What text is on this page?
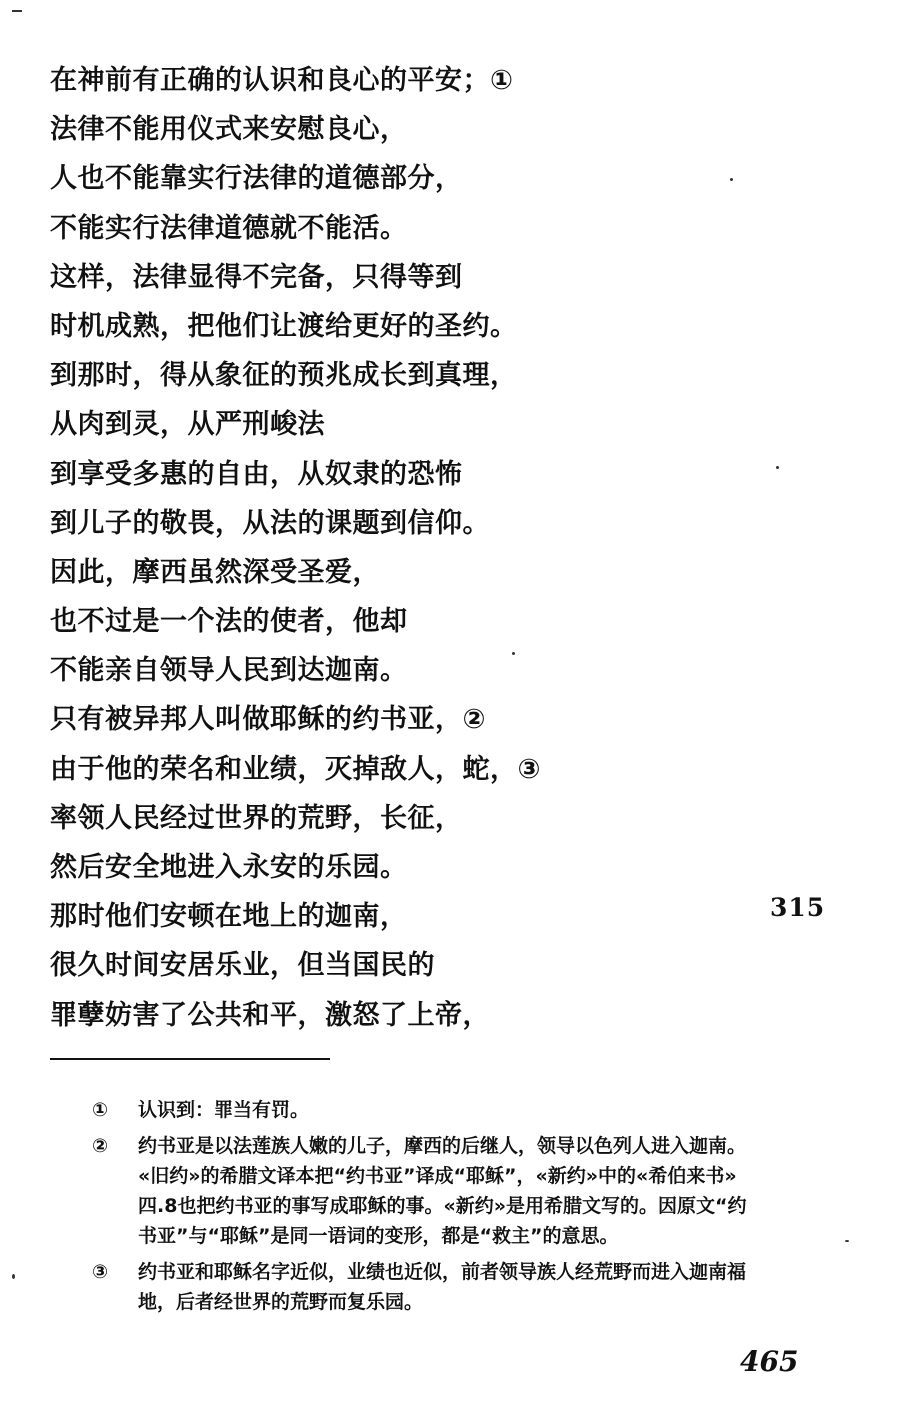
在神前有正确的认识和良心的平安；①
法律不能用仪式来安慰良心，
人也不能靠实行法律的道德部分，
不能实行法律道德就不能活。
这样，法律显得不完备，只得等到
时机成熟，把他们让渡给更好的圣约。
到那时，得从象征的预兆成长到真理，
从肉到灵，从严刑峻法
到享受多惠的自由，从奴隶的恐怖
到儿子的敬畏，从法的课题到信仰。
因此，摩西虽然深受圣爱，
也不过是一个法的使者，他却
不能亲自领导人民到达迦南。
只有被异邦人叫做耶稣的约书亚，②
由于他的荣名和业绩，灭掉敌人，蛇，③
率领人民经过世界的荒野，长征，
然后安全地进入永安的乐园。
那时他们安顿在地上的迦南，
很久时间安居乐业，但当国民的
罪孽妨害了公共和平，激怒了上帝，
315
①	认识到：罪当有罚。
②	约书亚是以法莲族人嫩的儿子，摩西的后继人，领导以色列人进入迦南。
«旧约»的希腊文译本把“约书亚”译成“耶稣”，«新约»中的«希伯来书»
四.8也把约书亚的事写成耶稣的事。«新约»是用希腊文写的。因原文“约
书亚”与“耶稣”是同一语词的变形，都是“救主”的意思。
③	约书亚和耶稣名字近似，业绩也近似，前者领导族人经荒野而进入迦南福
地，后者经世界的荒野而复乐园。
465
